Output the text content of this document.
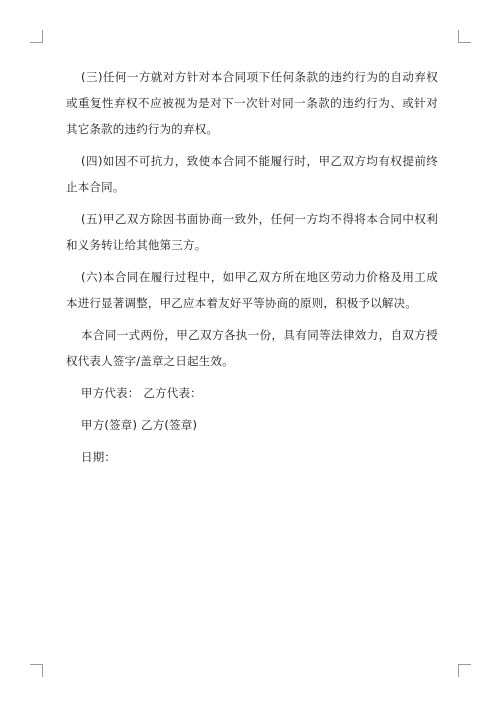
(三)任何一方就对方针对本合同项下任何条款的违约行为的自动弃权或重复性弃权不应被视为是对下一次针对同一条款的违约行为、或针对其它条款的违约行为的弃权。

(四)如因不可抗力，致使本合同不能履行时，甲乙双方均有权提前终止本合同。

(五)甲乙双方除因书面协商一致外，任何一方均不得将本合同中权利和义务转让给其他第三方。

(六)本合同在履行过程中，如甲乙双方所在地区劳动力价格及用工成本进行显著调整，甲乙应本着友好平等协商的原则，积极予以解决。

本合同一式两份，甲乙双方各执一份，具有同等法律效力，自双方授权代表人签字/盖章之日起生效。

甲方代表： 乙方代表：

甲方(签章) 乙方(签章)

日期：
